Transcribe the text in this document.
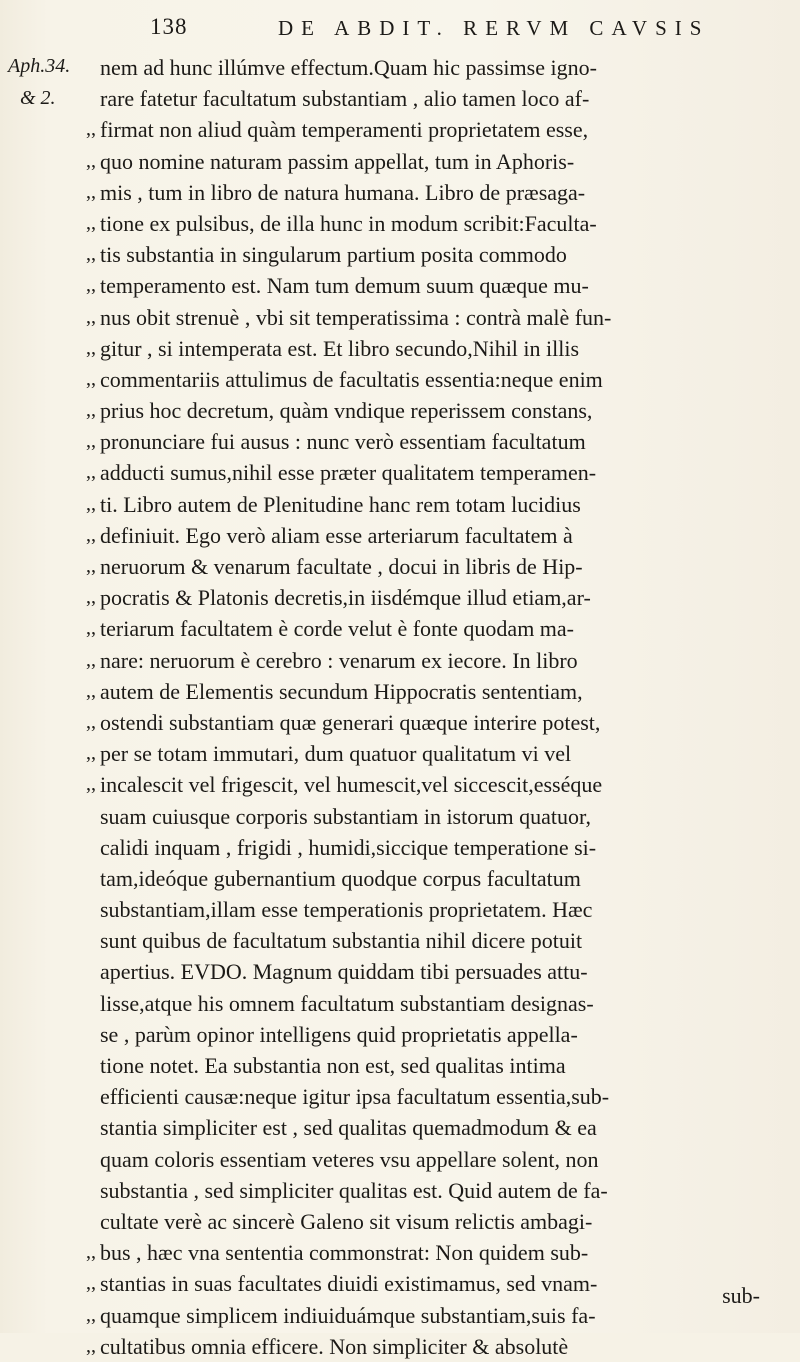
138	DE ABDIT. RERVM CAVSIS
Aph.34.
& 2.
nem ad hunc illúmve effectum.Quam hic passimse igno-
rare fatetur facultatum substantiam , alio tamen loco af-
,, firmat non aliud quàm temperamenti proprietatem esse,
,, quo nomine naturam passim appellat, tum in Aphoris-
,, mis , tum in libro de natura humana. Libro de præsaga-
,, tione ex pulsibus, de illa hunc in modum scribit:Faculta-
,, tis substantia in singularum partium posita commodo
,, temperamento est. Nam tum demum suum quæque mu-
,, nus obit strenuè , vbi sit temperatissima : contrà malè fun-
,, gitur , si intemperata est. Et libro secundo,Nihil in illis
,, commentariis attulimus de facultatis essentia:neque enim
,, prius hoc decretum, quàm vndique reperissem constans,
,, pronunciare fui ausus : nunc verò essentiam facultatum
,, adducti sumus,nihil esse præter qualitatem temperamen-
,, ti. Libro autem de Plenitudine hanc rem totam lucidius
,, definiuit. Ego verò aliam esse arteriarum facultatem à
,, neruorum & venarum facultate , docui in libris de Hip-
,, pocratis & Platonis decretis,in iisdémque illud etiam,ar-
,, teriarum facultatem è corde velut è fonte quodam ma-
,, nare: neruorum è cerebro : venarum ex iecore. In libro
,, autem de Elementis secundum Hippocratis sententiam,
,, ostendi substantiam quæ generari quæque interire potest,
,, per se totam immutari, dum quatuor qualitatum vi vel
,, incalescit vel frigescit, vel humescit,vel siccescit,esséque
suam cuiusque corporis substantiam in istorum quatuor,
calidi inquam , frigidi , humidi,siccique temperatione si-
tam,ideóque gubernantium quodque corpus facultatum
substantiam,illam esse temperationis proprietatem. Hæc
sunt quibus de facultatum substantia nihil dicere potuit
apertius. EVDO. Magnum quiddam tibi persuades attu-
lisse,atque his omnem facultatum substantiam designas-
se , parùm opinor intelligens quid proprietatis appella-
tione notet. Ea substantia non est, sed qualitas intima
efficienti causæ:neque igitur ipsa facultatum essentia,sub-
stantia simpliciter est , sed qualitas quemadmodum & ea
quam coloris essentiam veteres vsu appellare solent, non
substantia , sed simpliciter qualitas est. Quid autem de fa-
cultate verè ac sincerè Galeno sit visum relictis ambagi-
,, bus , hæc vna sententia commonstrat: Non quidem sub-
,, stantias in suas facultates diuidi existimamus, sed vnam-
,, quamque simplicem indiuiduámque substantiam,suis fa-
,, cultatibus omnia efficere. Non simpliciter & absolutè
sub-
